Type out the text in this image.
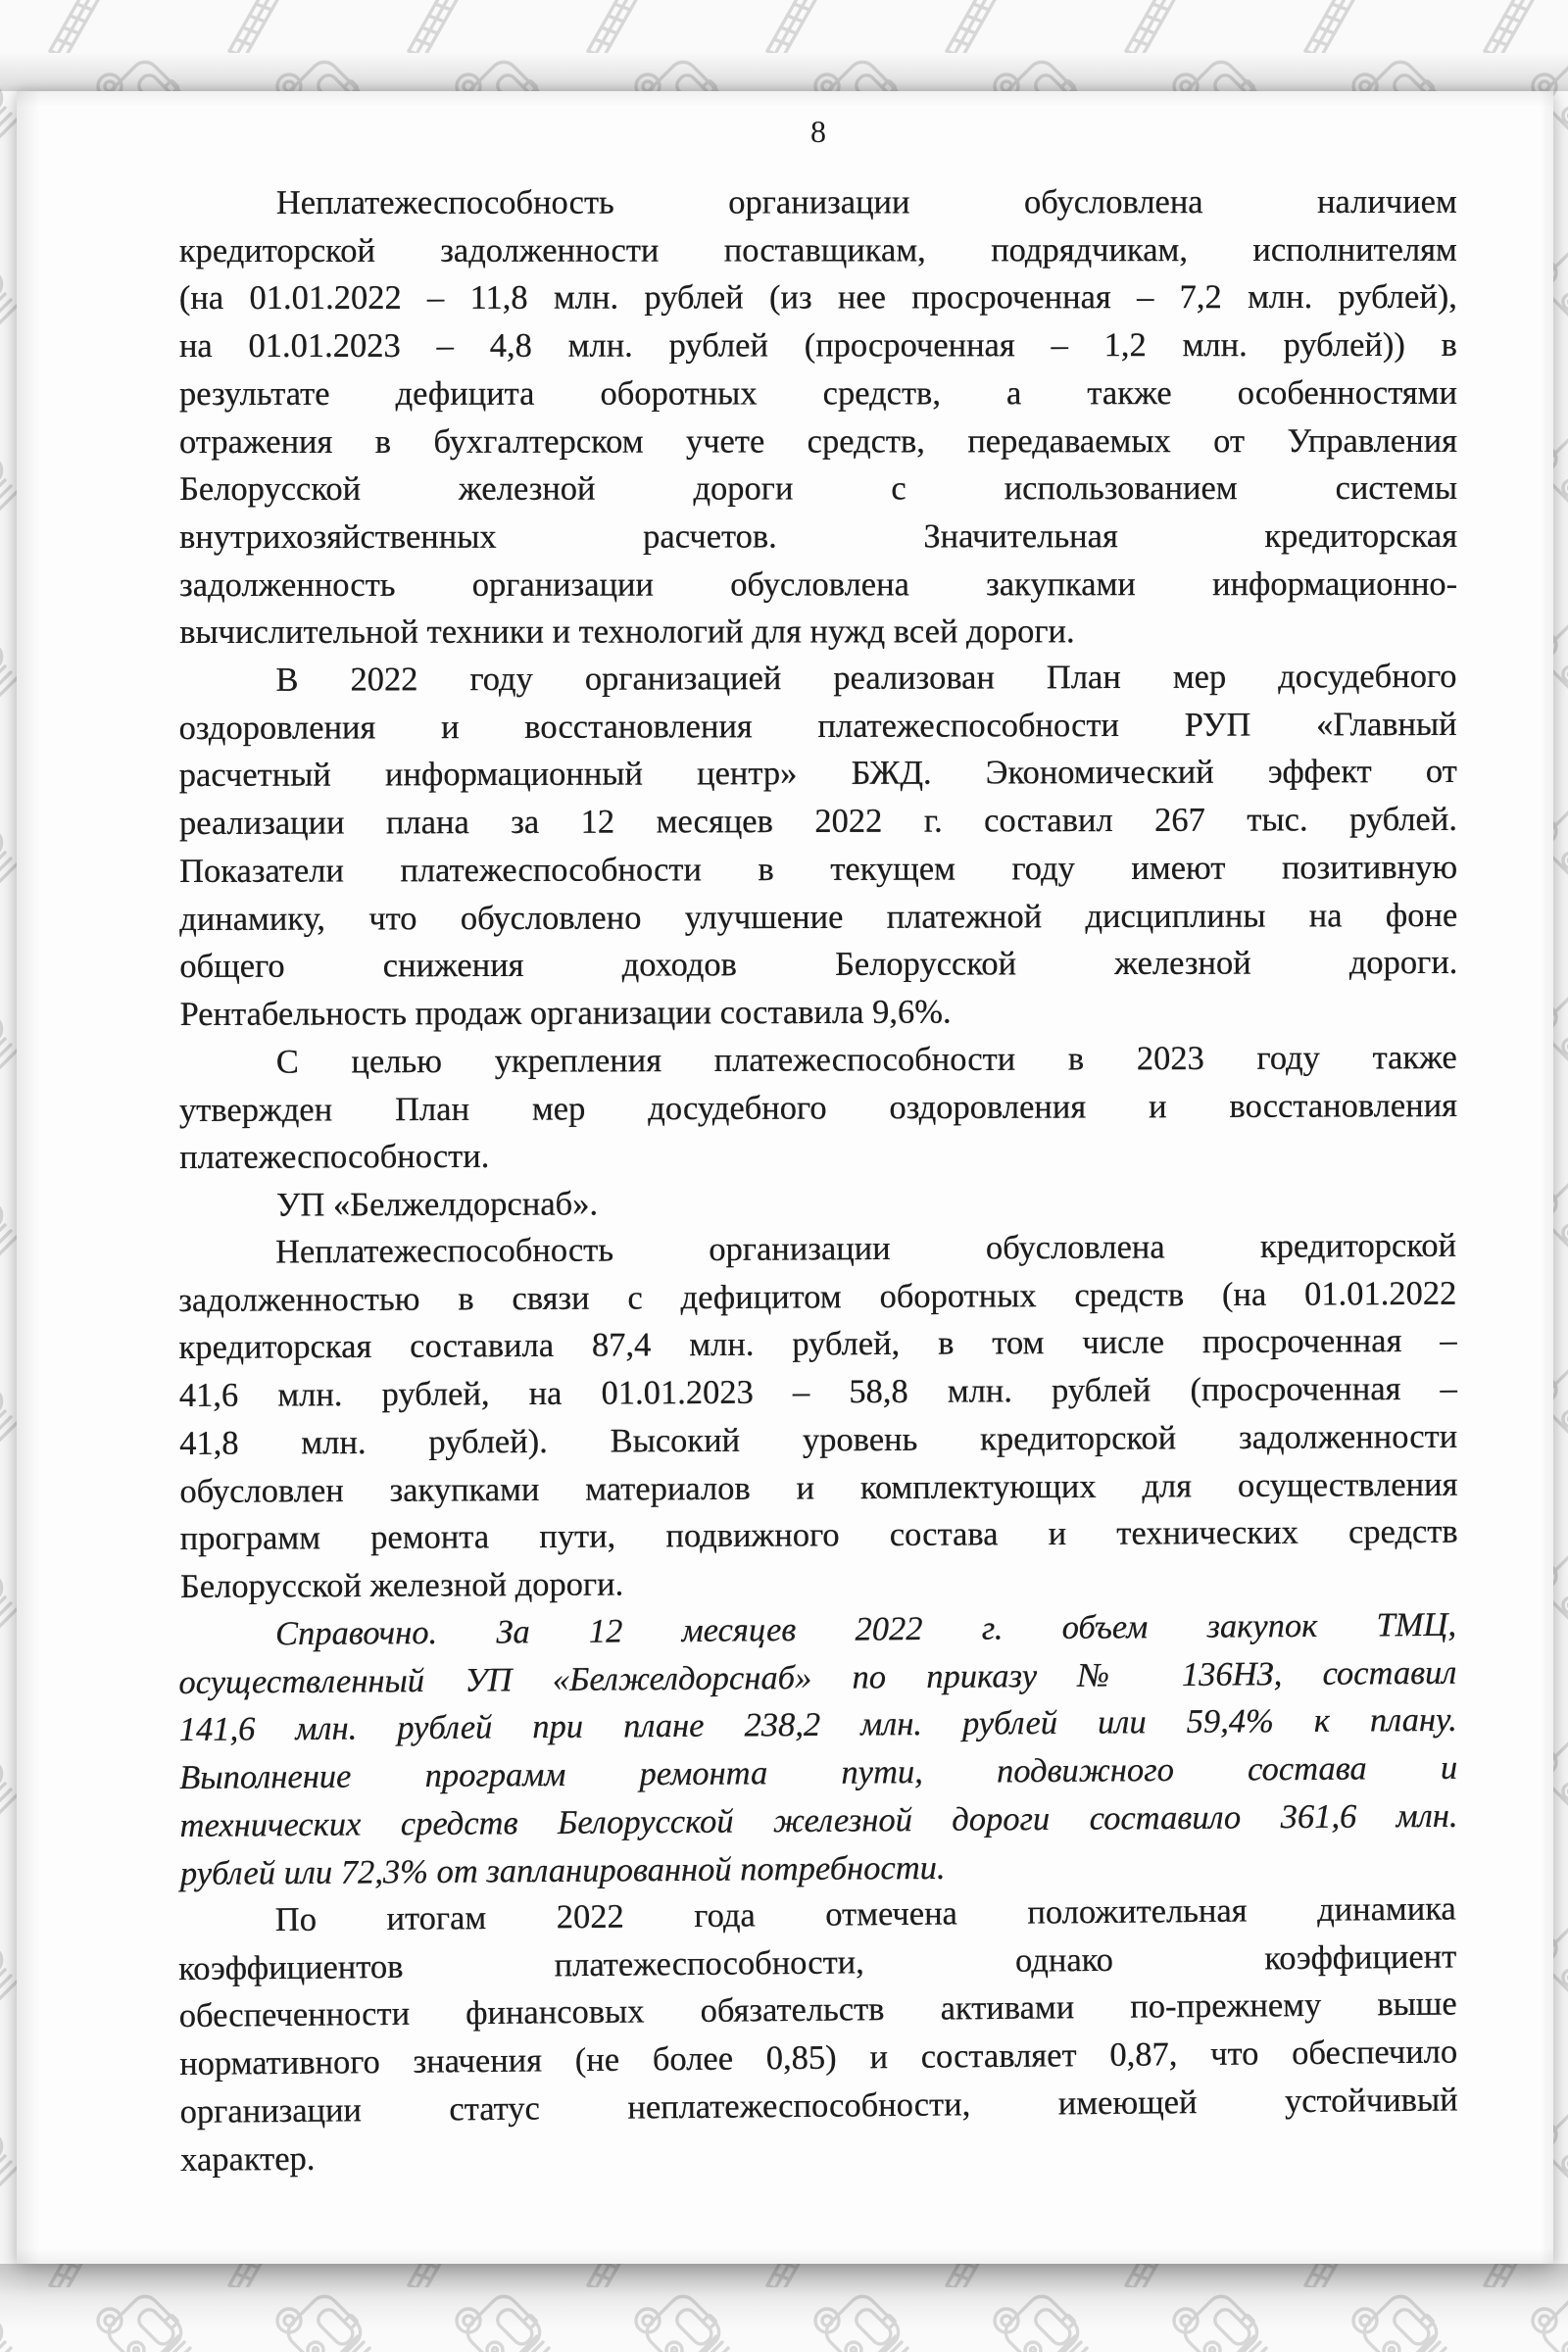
8
Неплатежеспособность организации обусловлена наличием
кредиторской задолженности поставщикам, подрядчикам, исполнителям
(на 01.01.2022 – 11,8 млн. рублей (из нее просроченная – 7,2 млн. рублей),
на 01.01.2023 – 4,8 млн. рублей (просроченная – 1,2 млн. рублей)) в
результате дефицита оборотных средств, а также особенностями
отражения в бухгалтерском учете средств, передаваемых от Управления
Белорусской железной дороги с использованием системы
внутрихозяйственных расчетов. Значительная кредиторская
задолженность организации обусловлена закупками информационно-
вычислительной техники и технологий для нужд всей дороги.
В 2022 году организацией реализован План мер досудебного
оздоровления и восстановления платежеспособности РУП «Главный
расчетный информационный центр» БЖД. Экономический эффект от
реализации плана за 12 месяцев 2022 г. составил 267 тыс. рублей.
Показатели платежеспособности в текущем году имеют позитивную
динамику, что обусловлено улучшение платежной дисциплины на фоне
общего снижения доходов Белорусской железной дороги.
Рентабельность продаж организации составила 9,6%.
С целью укрепления платежеспособности в 2023 году также
утвержден План мер досудебного оздоровления и восстановления
платежеспособности.
УП «Белжелдорснаб».
Неплатежеспособность организации обусловлена кредиторской
задолженностью в связи с дефицитом оборотных средств (на 01.01.2022
кредиторская составила 87,4 млн. рублей, в том числе просроченная –
41,6 млн. рублей, на 01.01.2023 – 58,8 млн. рублей (просроченная –
41,8 млн. рублей). Высокий уровень кредиторской задолженности
обусловлен закупками материалов и комплектующих для осуществления
программ ремонта пути, подвижного состава и технических средств
Белорусской железной дороги.
Справочно. За 12 месяцев 2022 г. объем закупок ТМЦ,
осуществленный УП «Белжелдорснаб» по приказу № 136НЗ, составил
141,6 млн. рублей при плане 238,2 млн. рублей или 59,4% к плану.
Выполнение программ ремонта пути, подвижного состава и
технических средств Белорусской железной дороги составило 361,6 млн.
рублей или 72,3% от запланированной потребности.
По итогам 2022 года отмечена положительная динамика
коэффициентов платежеспособности, однако коэффициент
обеспеченности финансовых обязательств активами по-прежнему выше
нормативного значения (не более 0,85) и составляет 0,87, что обеспечило
организации статус неплатежеспособности, имеющей устойчивый
характер.
